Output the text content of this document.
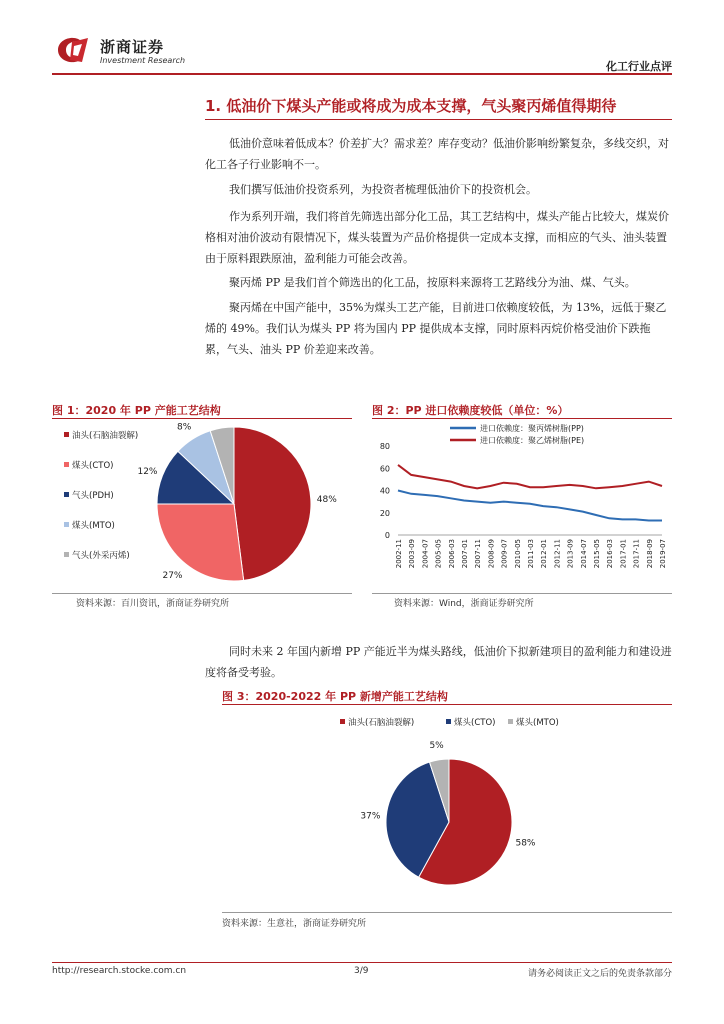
浙商证券
Investment Research	化工行业点评
1. 低油价下煤头产能或将成为成本支撑，气头聚丙烯值得期待

低油价意味着低成本？价差扩大？需求差？库存变动？低油价影响纷繁复杂，多线交织，对化工各子行业影响不一。

我们撰写低油价投资系列，为投资者梳理低油价下的投资机会。

作为系列开端，我们将首先筛选出部分化工品，其工艺结构中，煤头产能占比较大，煤炭价格相对油价波动有限情况下，煤头装置为产品价格提供一定成本支撑，而相应的气头、油头装置由于原料跟跌原油，盈利能力可能会改善。

聚丙烯 PP 是我们首个筛选出的化工品，按原料来源将工艺路线分为油、煤、气头。

聚丙烯在中国产能中，35%为煤头工艺产能，目前进口依赖度较低，为 13%，远低于聚乙烯的 49%。我们认为煤头 PP 将为国内 PP 提供成本支撑，同时原料丙烷价格受油价下跌拖累，气头、油头 PP 价差迎来改善。

图 1：2020 年 PP 产能工艺结构
油头(石脑油裂解)
煤头(CTO)
气头(PDH)
煤头(MTO)
气头(外采丙烯)
48%
27%
12%
8%
资料来源：百川资讯，浙商证券研究所
图 2：PP 进口依赖度较低（单位：%）
0
20
40
60
80
2002-11 2003-09 2004-07 2005-05 2006-03 2007-01 2007-11 2008-09 2009-07 2010-05 2011-03 2012-01 2012-11 2013-09 2014-07 2015-05 2016-03 2017-01 2017-11 2018-09 2019-07
进口依赖度：聚丙烯树脂(PP)
进口依赖度：聚乙烯树脂(PE)
资料来源：Wind，浙商证券研究所

同时未来 2 年国内新增 PP 产能近半为煤头路线，低油价下拟新建项目的盈利能力和建设进度将备受考验。

图 3：2020-2022 年 PP 新增产能工艺结构
油头(石脑油裂解)	煤头(CTO) 煤头(MTO)
58%
37%
5%
资料来源：生意社，浙商证券研究所
http://research.stocke.com.cn	3/9	请务必阅读正文之后的免责条款部分
